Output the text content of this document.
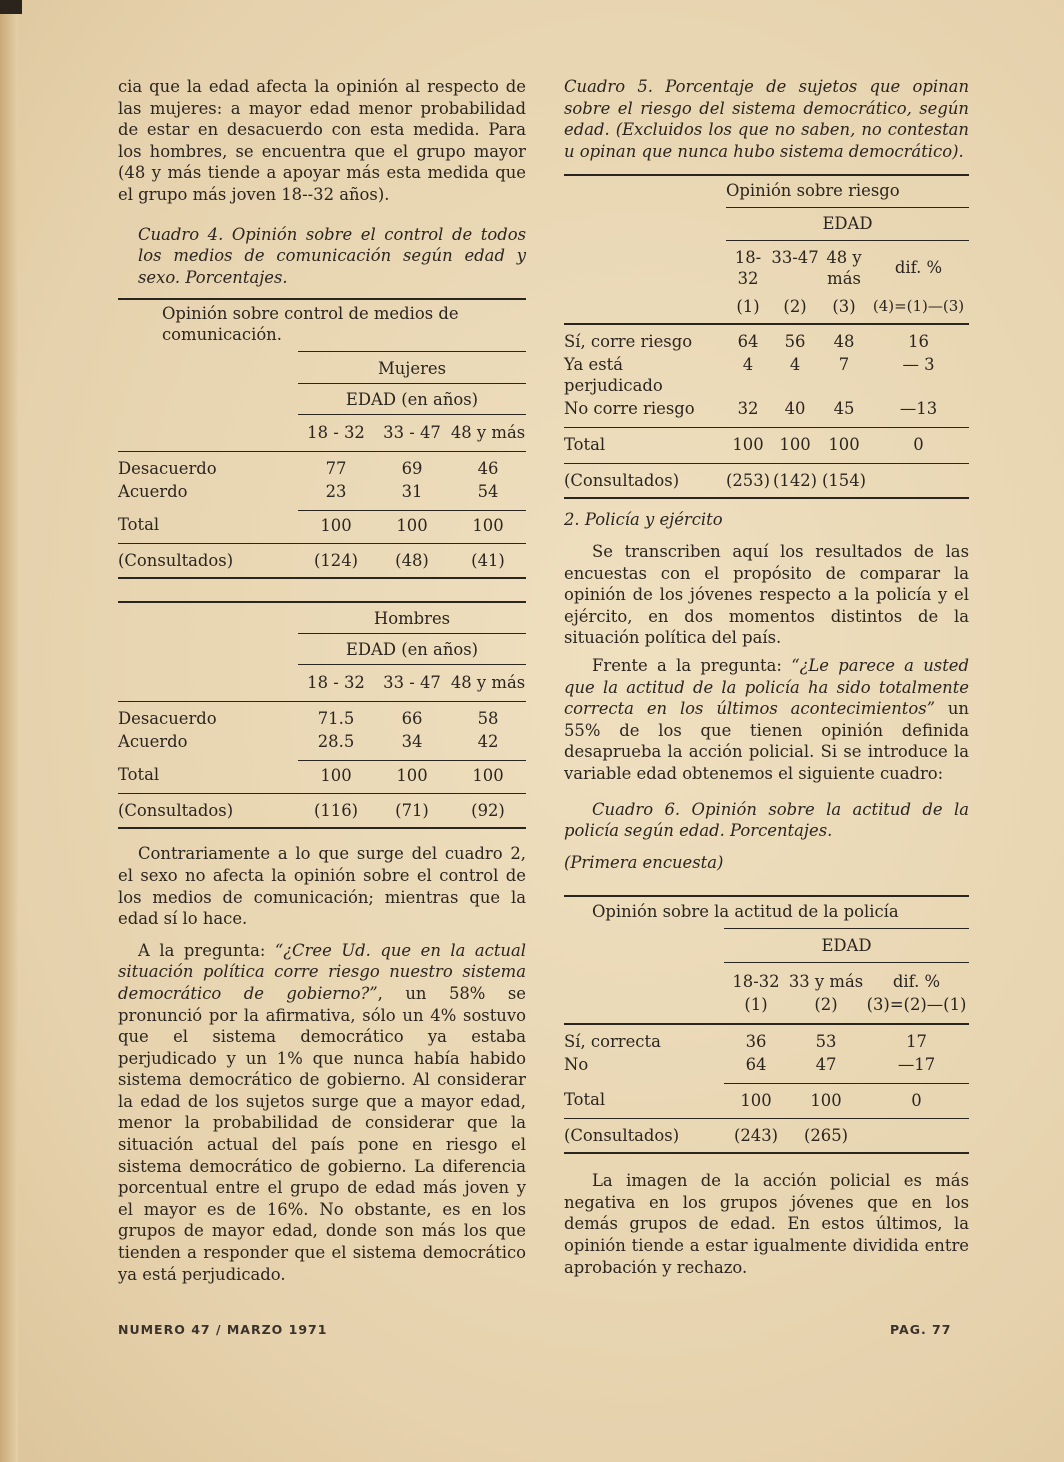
cia que la edad afecta la opinión al respecto de las mujeres: a mayor edad menor probabilidad de estar en desacuerdo con esta medida. Para los hombres, se encuentra que el grupo mayor (48 y más tiende a apoyar más esta medida que el grupo más joven 18--32 años).

Cuadro 4. Opinión sobre el control de todos los medios de comunicación según edad y sexo. Porcentajes.
Opinión sobre control de medios de comunicación.
	Mujeres		
	EDAD (en años)		
	18 - 32	33 - 47	48 y más
Desacuerdo	77	69	46
Acuerdo	23	31	54
Total	100	100	100
(Consultados)	(124)	(48)	(41)
	Hombres		
	EDAD (en años)		
	18 - 32	33 - 47	48 y más
Desacuerdo	71.5	66	58
Acuerdo	28.5	34	42
Total	100	100	100
(Consultados)	(116)	(71)	(92)

Contrariamente a lo que surge del cuadro 2, el sexo no afecta la opinión sobre el control de los medios de comunicación; mientras que la edad sí lo hace.

A la pregunta: “¿Cree Ud. que en la actual situación política corre riesgo nuestro sistema democrático de gobierno?”, un 58% se pronunció por la afirmativa, sólo un 4% sostuvo que el sistema democrático ya estaba perjudicado y un 1% que nunca había habido sistema democrático de gobierno. Al considerar la edad de los sujetos surge que a mayor edad, menor la probabilidad de considerar que la situación actual del país pone en riesgo el sistema democrático de gobierno. La diferencia porcentual entre el grupo de edad más joven y el mayor es de 16%. No obstante, es en los grupos de mayor edad, donde son más los que tienden a responder que el sistema democrático ya está perjudicado.

Cuadro 5. Porcentaje de sujetos que opinan sobre el riesgo del sistema democrático, según edad. (Excluidos los que no saben, no contestan u opinan que nunca hubo sistema democrático).
	Opinión sobre riesgo			
	EDAD			
	18-32	33-47	48 y más	dif. %
	(1)	(2)	(3)	(4)=(1)—(3)
Sí, corre riesgo	64	56	48	16
Ya está perjudicado	4	4	7	— 3
No corre riesgo	32	40	45	—13
Total	100	100	100	0
(Consultados)	(253)	(142)	(154)	

2. Policía y ejército

Se transcriben aquí los resultados de las encuestas con el propósito de comparar la opinión de los jóvenes respecto a la policía y el ejército, en dos momentos distintos de la situación política del país.

Frente a la pregunta: “¿Le parece a usted que la actitud de la policía ha sido totalmente correcta en los últimos acontecimientos” un 55% de los que tienen opinión definida desaprueba la acción policial. Si se introduce la variable edad obtenemos el siguiente cuadro:

Cuadro 6. Opinión sobre la actitud de la policía según edad. Porcentajes.
(Primera encuesta)
Opinión sobre la actitud de la policía			
	EDAD		
	18-32	33 y más	dif. %
	(1)	(2)	(3)=(2)—(1)
Sí, correcta	36	53	17
No	64	47	—17
Total	100	100	0
(Consultados)	(243)	(265)	

La imagen de la acción policial es más negativa en los grupos jóvenes que en los demás grupos de edad. En estos últimos, la opinión tiende a estar igualmente dividida entre aprobación y rechazo.

NUMERO 47 / MARZO 1971	PAG. 77
